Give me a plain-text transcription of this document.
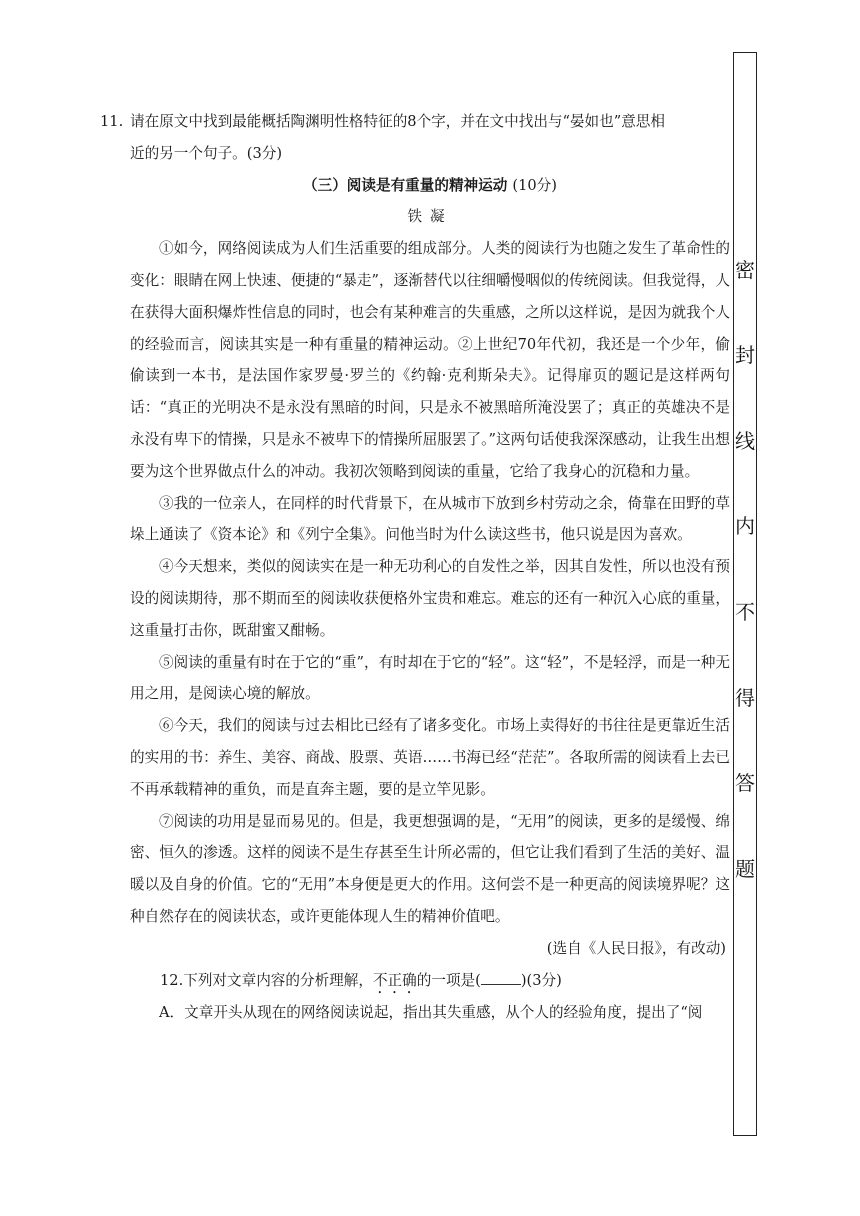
11. 请在原文中找到最能概括陶渊明性格特征的8个字，并在文中找出与“晏如也”意思相
近的另一个句子。(3分)

（三）阅读是有重量的精神运动 (10分)

铁凝

①如今，网络阅读成为人们生活重要的组成部分。人类的阅读行为也随之发生了革命性的变化：眼睛在网上快速、便捷的“暴走”，逐渐替代以往细嚼慢咽似的传统阅读。但我觉得，人在获得大面积爆炸性信息的同时，也会有某种难言的失重感，之所以这样说，是因为就我个人的经验而言，阅读其实是一种有重量的精神运动。②上世纪70年代初，我还是一个少年，偷偷读到一本书，是法国作家罗曼·罗兰的《约翰·克利斯朵夫》。记得扉页的题记是这样两句话：“真正的光明决不是永没有黑暗的时间，只是永不被黑暗所淹没罢了；真正的英雄决不是永没有卑下的情操，只是永不被卑下的情操所屈服罢了。”这两句话使我深深感动，让我生出想要为这个世界做点什么的冲动。我初次领略到阅读的重量，它给了我身心的沉稳和力量。

③我的一位亲人，在同样的时代背景下，在从城市下放到乡村劳动之余，倚靠在田野的草垛上通读了《资本论》和《列宁全集》。问他当时为什么读这些书，他只说是因为喜欢。

④今天想来，类似的阅读实在是一种无功利心的自发性之举，因其自发性，所以也没有预设的阅读期待，那不期而至的阅读收获便格外宝贵和难忘。难忘的还有一种沉入心底的重量，这重量打击你，既甜蜜又酣畅。

⑤阅读的重量有时在于它的“重”，有时却在于它的“轻”。这“轻”，不是轻浮，而是一种无用之用，是阅读心境的解放。

⑥今天，我们的阅读与过去相比已经有了诸多变化。市场上卖得好的书往往是更靠近生活的实用的书：养生、美容、商战、股票、英语……书海已经“茫茫”。各取所需的阅读看上去已不再承载精神的重负，而是直奔主题，要的是立竿见影。

⑦阅读的功用是显而易见的。但是，我更想强调的是，“无用”的阅读，更多的是缓慢、绵密、恒久的渗透。这样的阅读不是生存甚至生计所必需的，但它让我们看到了生活的美好、温暖以及自身的价值。它的“无用”本身便是更大的作用。这何尝不是一种更高的阅读境界呢？这种自然存在的阅读状态，或许更能体现人生的精神价值吧。

(选自《人民日报》，有改动)

12.下列对文章内容的分析理解，不正确的一项是(	)(3分)

A．文章开头从现在的网络阅读说起，指出其失重感，从个人的经验角度，提出了“阅

密
封
线
内
不
得
答
题
